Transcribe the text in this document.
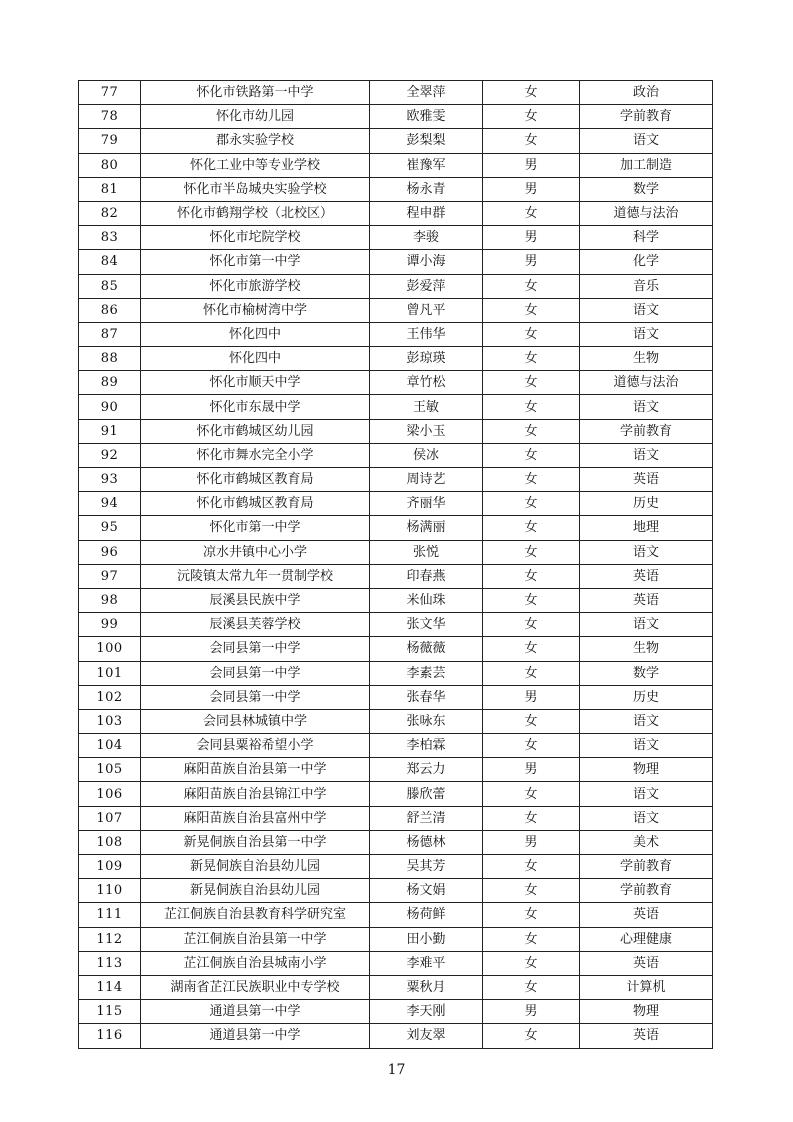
77	怀化市铁路第一中学	全翠萍	女	政治
78	怀化市幼儿园	欧雅雯	女	学前教育
79	郡永实验学校	彭梨梨	女	语文
80	怀化工业中等专业学校	崔豫军	男	加工制造
81	怀化市半岛城央实验学校	杨永青	男	数学
82	怀化市鹤翔学校（北校区）	程申群	女	道德与法治
83	怀化市坨院学校	李骏	男	科学
84	怀化市第一中学	谭小海	男	化学
85	怀化市旅游学校	彭爱萍	女	音乐
86	怀化市榆树湾中学	曾凡平	女	语文
87	怀化四中	王伟华	女	语文
88	怀化四中	彭琼瑛	女	生物
89	怀化市顺天中学	章竹松	女	道德与法治
90	怀化市东晟中学	王敏	女	语文
91	怀化市鹤城区幼儿园	梁小玉	女	学前教育
92	怀化市舞水完全小学	侯冰	女	语文
93	怀化市鹤城区教育局	周诗艺	女	英语
94	怀化市鹤城区教育局	齐丽华	女	历史
95	怀化市第一中学	杨满丽	女	地理
96	凉水井镇中心小学	张悦	女	语文
97	沅陵镇太常九年一贯制学校	印春燕	女	英语
98	辰溪县民族中学	米仙珠	女	英语
99	辰溪县芙蓉学校	张文华	女	语文
100	会同县第一中学	杨薇薇	女	生物
101	会同县第一中学	李素芸	女	数学
102	会同县第一中学	张春华	男	历史
103	会同县林城镇中学	张咏东	女	语文
104	会同县粟裕希望小学	李柏霖	女	语文
105	麻阳苗族自治县第一中学	郑云力	男	物理
106	麻阳苗族自治县锦江中学	滕欣蕾	女	语文
107	麻阳苗族自治县富州中学	舒兰清	女	语文
108	新晃侗族自治县第一中学	杨德林	男	美术
109	新晃侗族自治县幼儿园	吴其芳	女	学前教育
110	新晃侗族自治县幼儿园	杨文娟	女	学前教育
111	芷江侗族自治县教育科学研究室	杨荷鲜	女	英语
112	芷江侗族自治县第一中学	田小勤	女	心理健康
113	芷江侗族自治县城南小学	李难平	女	英语
114	湖南省芷江民族职业中专学校	粟秋月	女	计算机
115	通道县第一中学	李天刚	男	物理
116	通道县第一中学	刘友翠	女	英语
17
